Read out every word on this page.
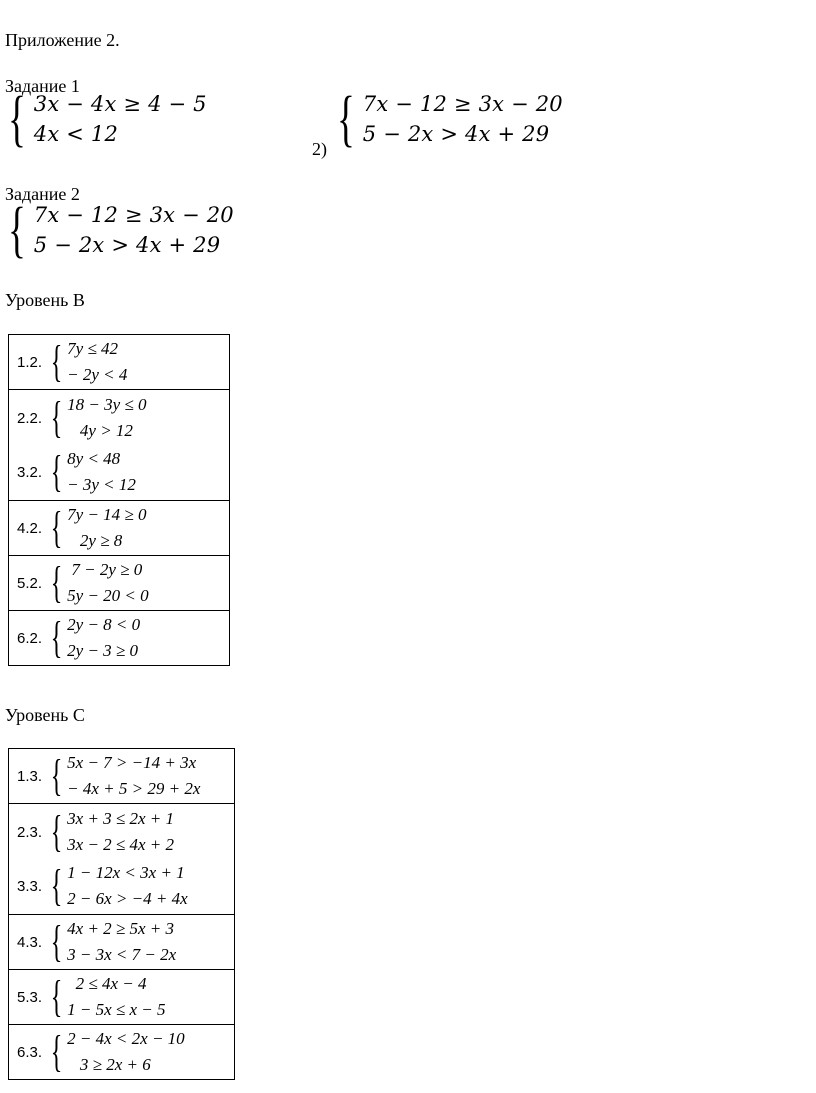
Приложение 2.
Задание 1
{ 3x − 4x ≥ 4 − 5
4x < 12
2) { 7x − 12 ≥ 3x − 20
5 − 2x > 4x + 29
Задание 2
{ 7x − 12 ≥ 3x − 20
5 − 2x > 4x + 29
Уровень B
1.2. { 7y ≤ 42
− 2y < 4

2.2. { 18 − 3y ≤ 0
4y > 12
3.2. { 8y < 48
− 3y < 12

4.2. { 7y − 14 ≥ 0
2y ≥ 8

5.2. { 7 − 2y ≥ 0
5y − 20 < 0

6.2. { 2y − 8 < 0
2y − 3 ≥ 0
Уровень C
1.3. { 5x − 7 > −14 + 3x
− 4x + 5 > 29 + 2x

2.3. { 3x + 3 ≤ 2x + 1
3x − 2 ≤ 4x + 2
3.3. { 1 − 12x < 3x + 1
2 − 6x > −4 + 4x

4.3. { 4x + 2 ≥ 5x + 3
3 − 3x < 7 − 2x

5.3. { 2 ≤ 4x − 4
1 − 5x ≤ x − 5

6.3. { 2 − 4x < 2x − 10
3 ≥ 2x + 6
